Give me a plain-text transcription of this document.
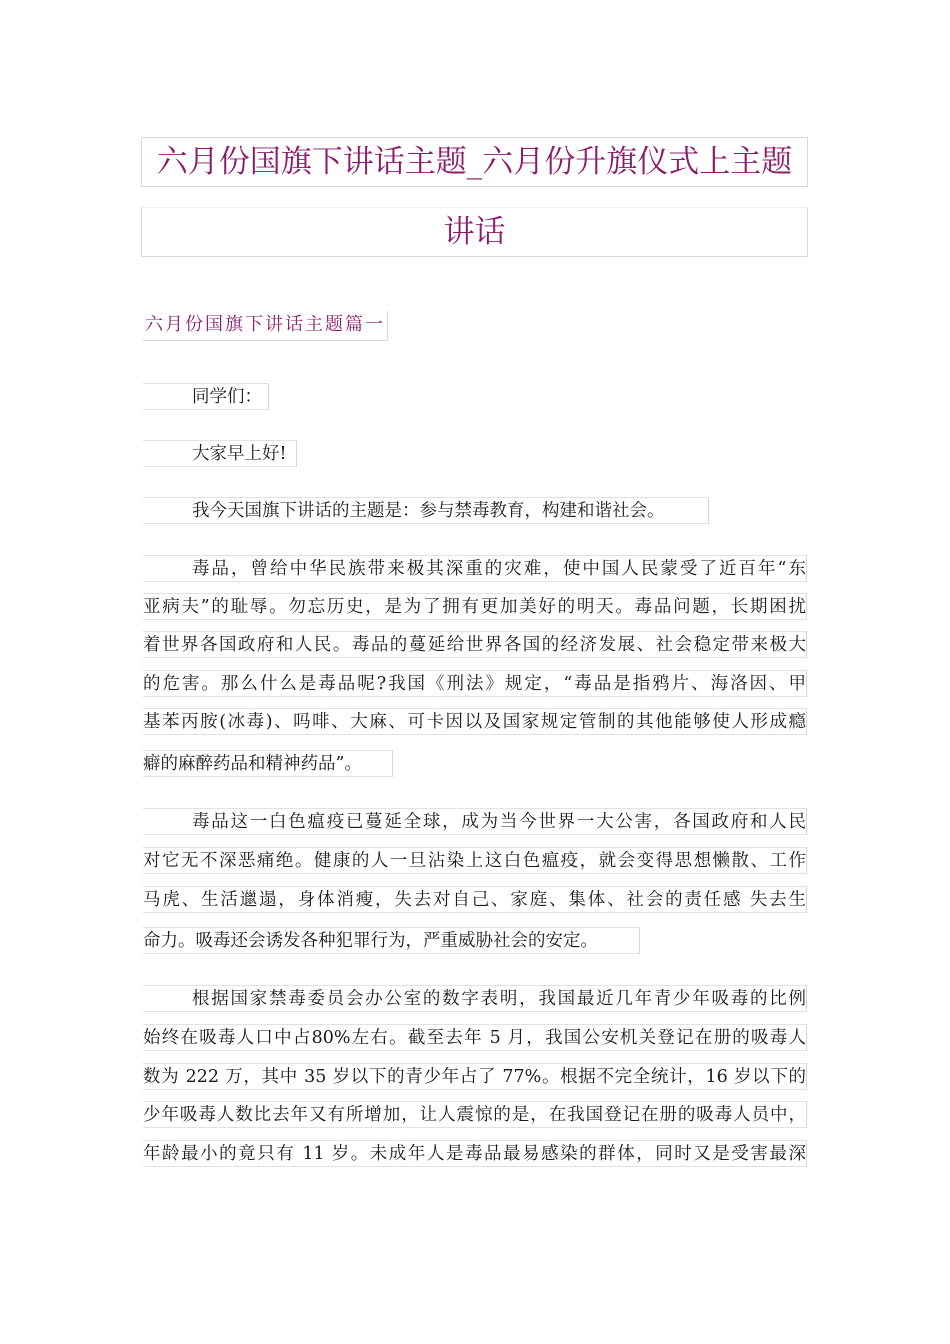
六月份国旗下讲话主题_六月份升旗仪式上主题
讲话
六月份国旗下讲话主题篇一
同学们：
大家早上好!
我今天国旗下讲话的主题是：参与禁毒教育，构建和谐社会。
毒品，曾给中华民族带来极其深重的灾难，使中国人民蒙受了近百年“东
亚病夫”的耻辱。勿忘历史，是为了拥有更加美好的明天。毒品问题，长期困扰
着世界各国政府和人民。毒品的蔓延给世界各国的经济发展、社会稳定带来极大
的危害。那么什么是毒品呢?我国《刑法》规定，“毒品是指鸦片、海洛因、甲
基苯丙胺(冰毒)、吗啡、大麻、可卡因以及国家规定管制的其他能够使人形成瘾
癖的麻醉药品和精神药品”。
毒品这一白色瘟疫已蔓延全球，成为当今世界一大公害，各国政府和人民
对它无不深恶痛绝。健康的人一旦沾染上这白色瘟疫，就会变得思想懒散、工作
马虎、生活邋遢，身体消瘦，失去对自己、家庭、集体、社会的责任感 失去生
命力。吸毒还会诱发各种犯罪行为，严重威胁社会的安定。
根据国家禁毒委员会办公室的数字表明，我国最近几年青少年吸毒的比例
始终在吸毒人口中占80%左右。截至去年 5 月，我国公安机关登记在册的吸毒人
数为 222 万，其中 35 岁以下的青少年占了 77%。根据不完全统计，16 岁以下的
少年吸毒人数比去年又有所增加，让人震惊的是，在我国登记在册的吸毒人员中，
年龄最小的竟只有 11 岁。未成年人是毒品最易感染的群体，同时又是受害最深
